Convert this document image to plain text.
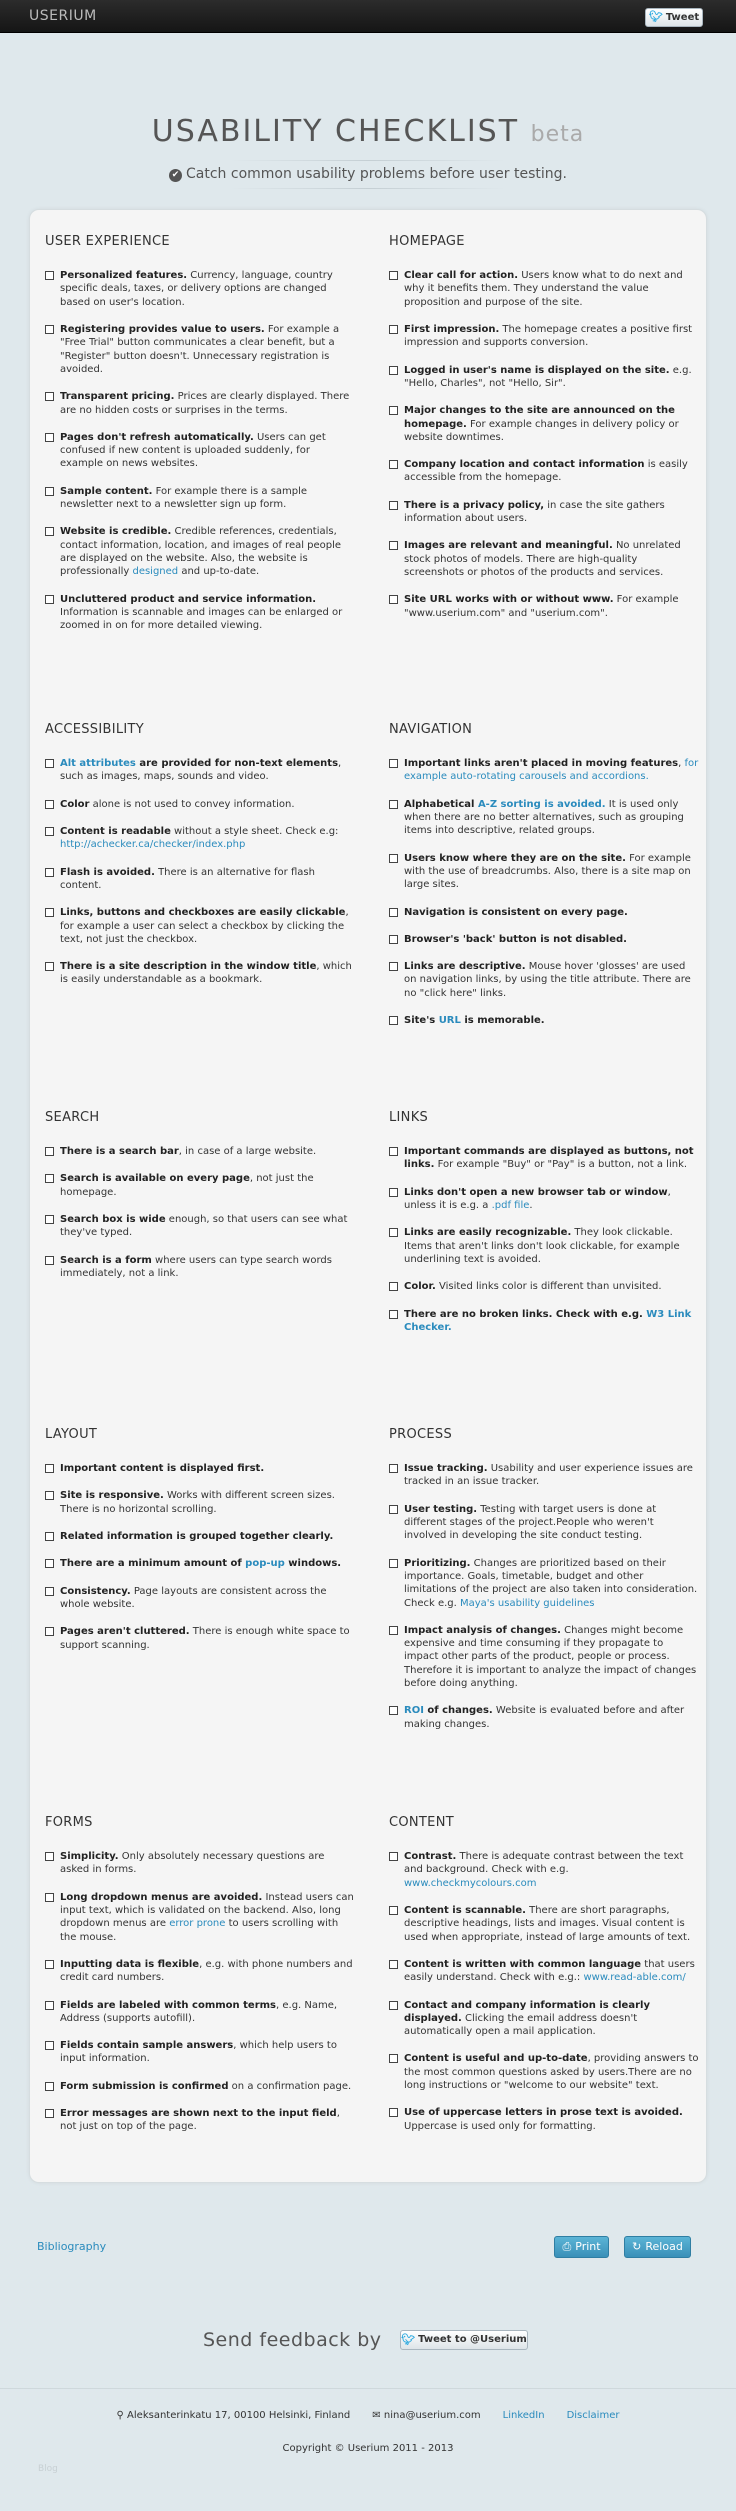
USERIUM	🐦︎ Tweet
USABILITY CHECKLIST beta
✔ Catch common usability problems before user testing.
USER EXPERIENCE
Personalized features. Currency, language, country specific deals, taxes, or delivery options are changed based on user's location.
Registering provides value to users. For example a "Free Trial" button communicates a clear benefit, but a "Register" button doesn't. Unnecessary registration is avoided.
Transparent pricing. Prices are clearly displayed. There are no hidden costs or surprises in the terms.
Pages don't refresh automatically. Users can get confused if new content is uploaded suddenly, for example on news websites.
Sample content. For example there is a sample newsletter next to a newsletter sign up form.
Website is credible. Credible references, credentials, contact information, location, and images of real people are displayed on the website. Also, the website is professionally designed and up-to-date.
Uncluttered product and service information. Information is scannable and images can be enlarged or zoomed in on for more detailed viewing.
HOMEPAGE
Clear call for action. Users know what to do next and why it benefits them. They understand the value proposition and purpose of the site.
First impression. The homepage creates a positive first impression and supports conversion.
Logged in user's name is displayed on the site. e.g. "Hello, Charles", not "Hello, Sir".
Major changes to the site are announced on the homepage. For example changes in delivery policy or website downtimes.
Company location and contact information is easily accessible from the homepage.
There is a privacy policy, in case the site gathers information about users.
Images are relevant and meaningful. No unrelated stock photos of models. There are high-quality screenshots or photos of the products and services.
Site URL works with or without www. For example "www.userium.com" and "userium.com".
ACCESSIBILITY
Alt attributes are provided for non-text elements, such as images, maps, sounds and video.
Color alone is not used to convey information.
Content is readable without a style sheet. Check e.g: http://achecker.ca/checker/index.php
Flash is avoided. There is an alternative for flash content.
Links, buttons and checkboxes are easily clickable, for example a user can select a checkbox by clicking the text, not just the checkbox.
There is a site description in the window title, which is easily understandable as a bookmark.
NAVIGATION
Important links aren't placed in moving features, for example auto-rotating carousels and accordions.
Alphabetical A-Z sorting is avoided. It is used only when there are no better alternatives, such as grouping items into descriptive, related groups.
Users know where they are on the site. For example with the use of breadcrumbs. Also, there is a site map on large sites.
Navigation is consistent on every page.
Browser's 'back' button is not disabled.
Links are descriptive. Mouse hover 'glosses' are used on navigation links, by using the title attribute. There are no "click here" links.
Site's URL is memorable.
SEARCH
There is a search bar, in case of a large website.
Search is available on every page, not just the homepage.
Search box is wide enough, so that users can see what they've typed.
Search is a form where users can type search words immediately, not a link.
LINKS
Important commands are displayed as buttons, not links. For example "Buy" or "Pay" is a button, not a link.
Links don't open a new browser tab or window, unless it is e.g. a .pdf file.
Links are easily recognizable. They look clickable. Items that aren't links don't look clickable, for example underlining text is avoided.
Color. Visited links color is different than unvisited.
There are no broken links. Check with e.g. W3 Link Checker.
LAYOUT
Important content is displayed first.
Site is responsive. Works with different screen sizes. There is no horizontal scrolling.
Related information is grouped together clearly.
There are a minimum amount of pop-up windows.
Consistency. Page layouts are consistent across the whole website.
Pages aren't cluttered. There is enough white space to support scanning.
PROCESS
Issue tracking. Usability and user experience issues are tracked in an issue tracker.
User testing. Testing with target users is done at different stages of the project.People who weren't involved in developing the site conduct testing.
Prioritizing. Changes are prioritized based on their importance. Goals, timetable, budget and other limitations of the project are also taken into consideration. Check e.g. Maya's usability guidelines
Impact analysis of changes. Changes might become expensive and time consuming if they propagate to impact other parts of the product, people or process. Therefore it is important to analyze the impact of changes before doing anything.
ROI of changes. Website is evaluated before and after making changes.
FORMS
Simplicity. Only absolutely necessary questions are asked in forms.
Long dropdown menus are avoided. Instead users can input text, which is validated on the backend. Also, long dropdown menus are error prone to users scrolling with the mouse.
Inputting data is flexible, e.g. with phone numbers and credit card numbers.
Fields are labeled with common terms, e.g. Name, Address (supports autofill).
Fields contain sample answers, which help users to input information.
Form submission is confirmed on a confirmation page.
Error messages are shown next to the input field, not just on top of the page.
CONTENT
Contrast. There is adequate contrast between the text and background. Check with e.g. www.checkmycolours.com
Content is scannable. There are short paragraphs, descriptive headings, lists and images. Visual content is used when appropriate, instead of large amounts of text.
Content is written with common language that users easily understand. Check with e.g.: www.read-able.com/
Contact and company information is clearly displayed. Clicking the email address doesn't automatically open a mail application.
Content is useful and up-to-date, providing answers to the most common questions asked by users.There are no long instructions or "welcome to our website" text.
Use of uppercase letters in prose text is avoided. Uppercase is used only for formatting.
Bibliography	⎙ Print	↻ Reload
Send feedback by 🐦︎ Tweet to @Userium
⚲ Aleksanterinkatu 17, 00100 Helsinki, Finland ✉ nina@userium.com LinkedIn Disclaimer
Copyright © Userium 2011 - 2013
Blog
